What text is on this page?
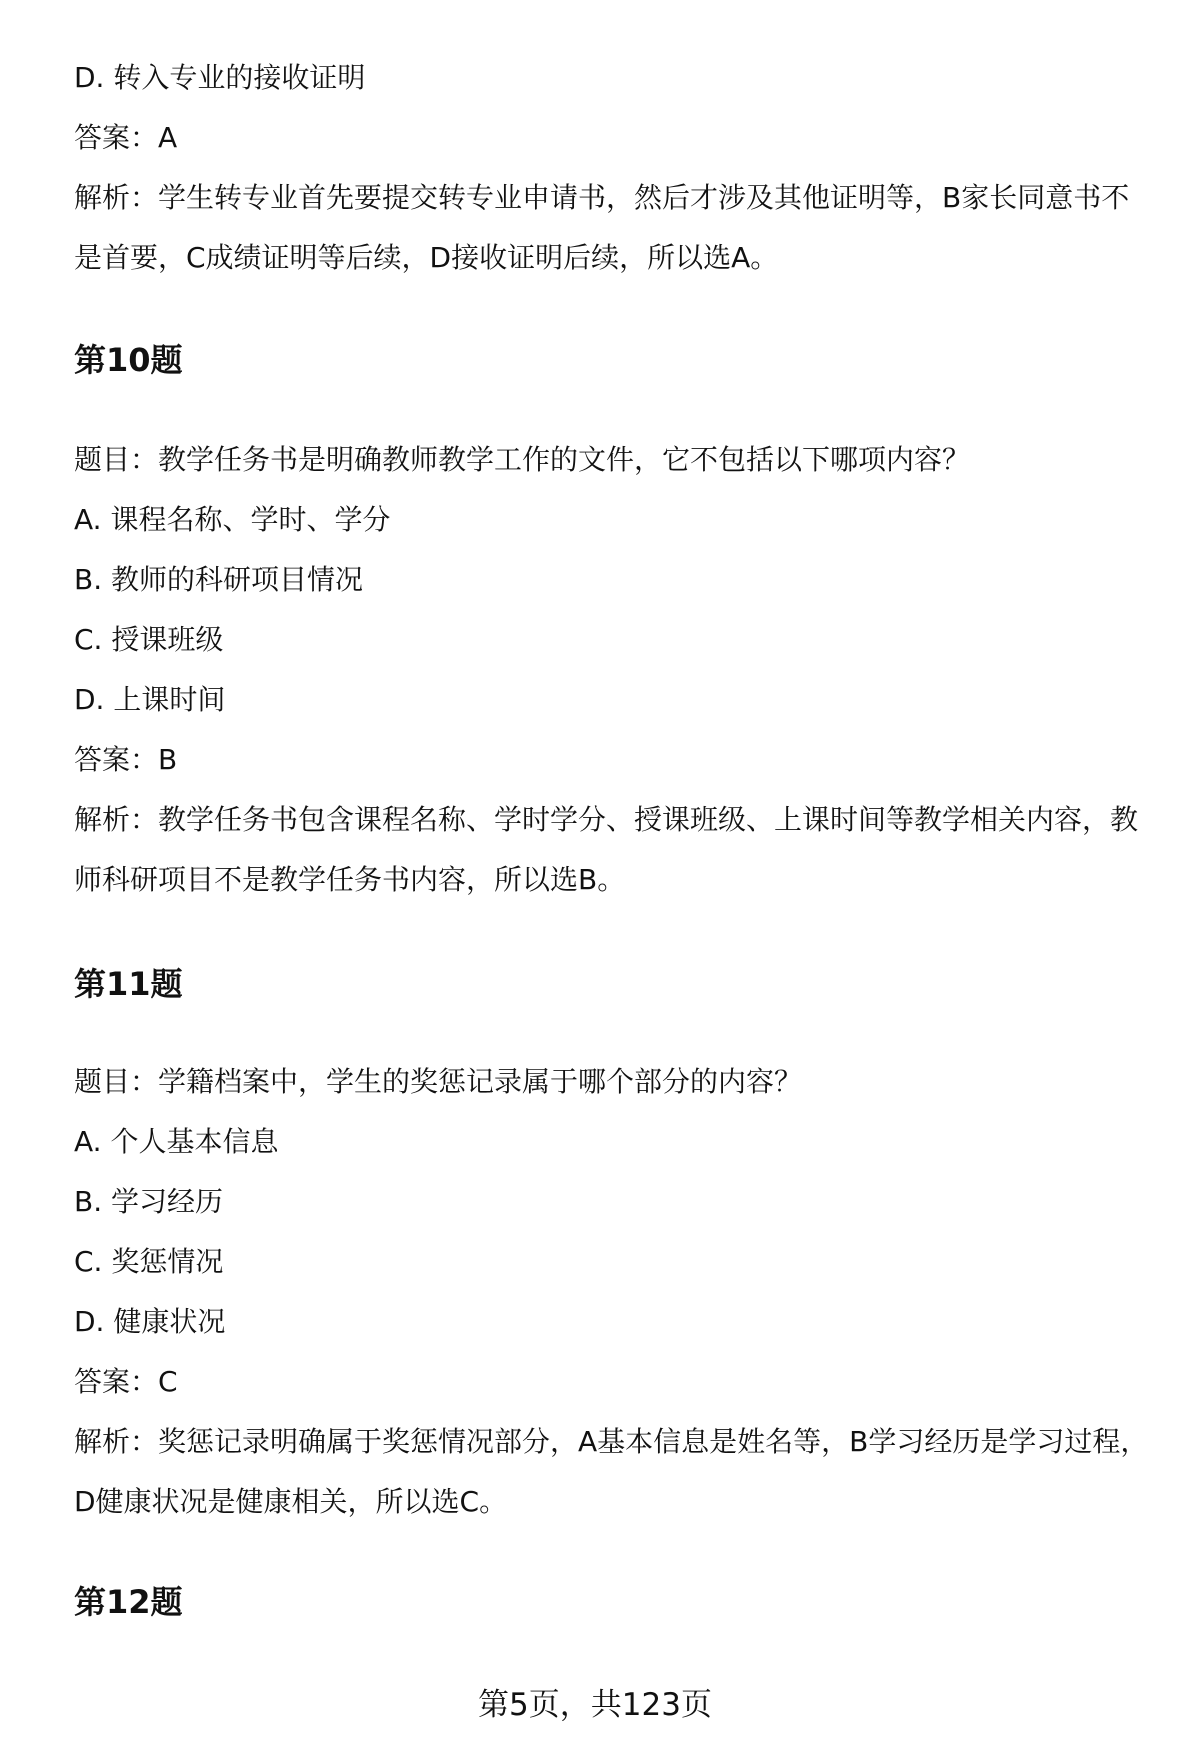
D. 转入专业的接收证明

答案：A

解析：学生转专业首先要提交转专业申请书，然后才涉及其他证明等，B家长同意书不是首要，C成绩证明等后续，D接收证明后续，所以选A。

第10题

题目：教学任务书是明确教师教学工作的文件，它不包括以下哪项内容？

A. 课程名称、学时、学分

B. 教师的科研项目情况

C. 授课班级

D. 上课时间

答案：B

解析：教学任务书包含课程名称、学时学分、授课班级、上课时间等教学相关内容，教师科研项目不是教学任务书内容，所以选B。

第11题

题目：学籍档案中，学生的奖惩记录属于哪个部分的内容？

A. 个人基本信息

B. 学习经历

C. 奖惩情况

D. 健康状况

答案：C

解析：奖惩记录明确属于奖惩情况部分，A基本信息是姓名等，B学习经历是学习过程，D健康状况是健康相关，所以选C。

第12题
第5页，共123页
